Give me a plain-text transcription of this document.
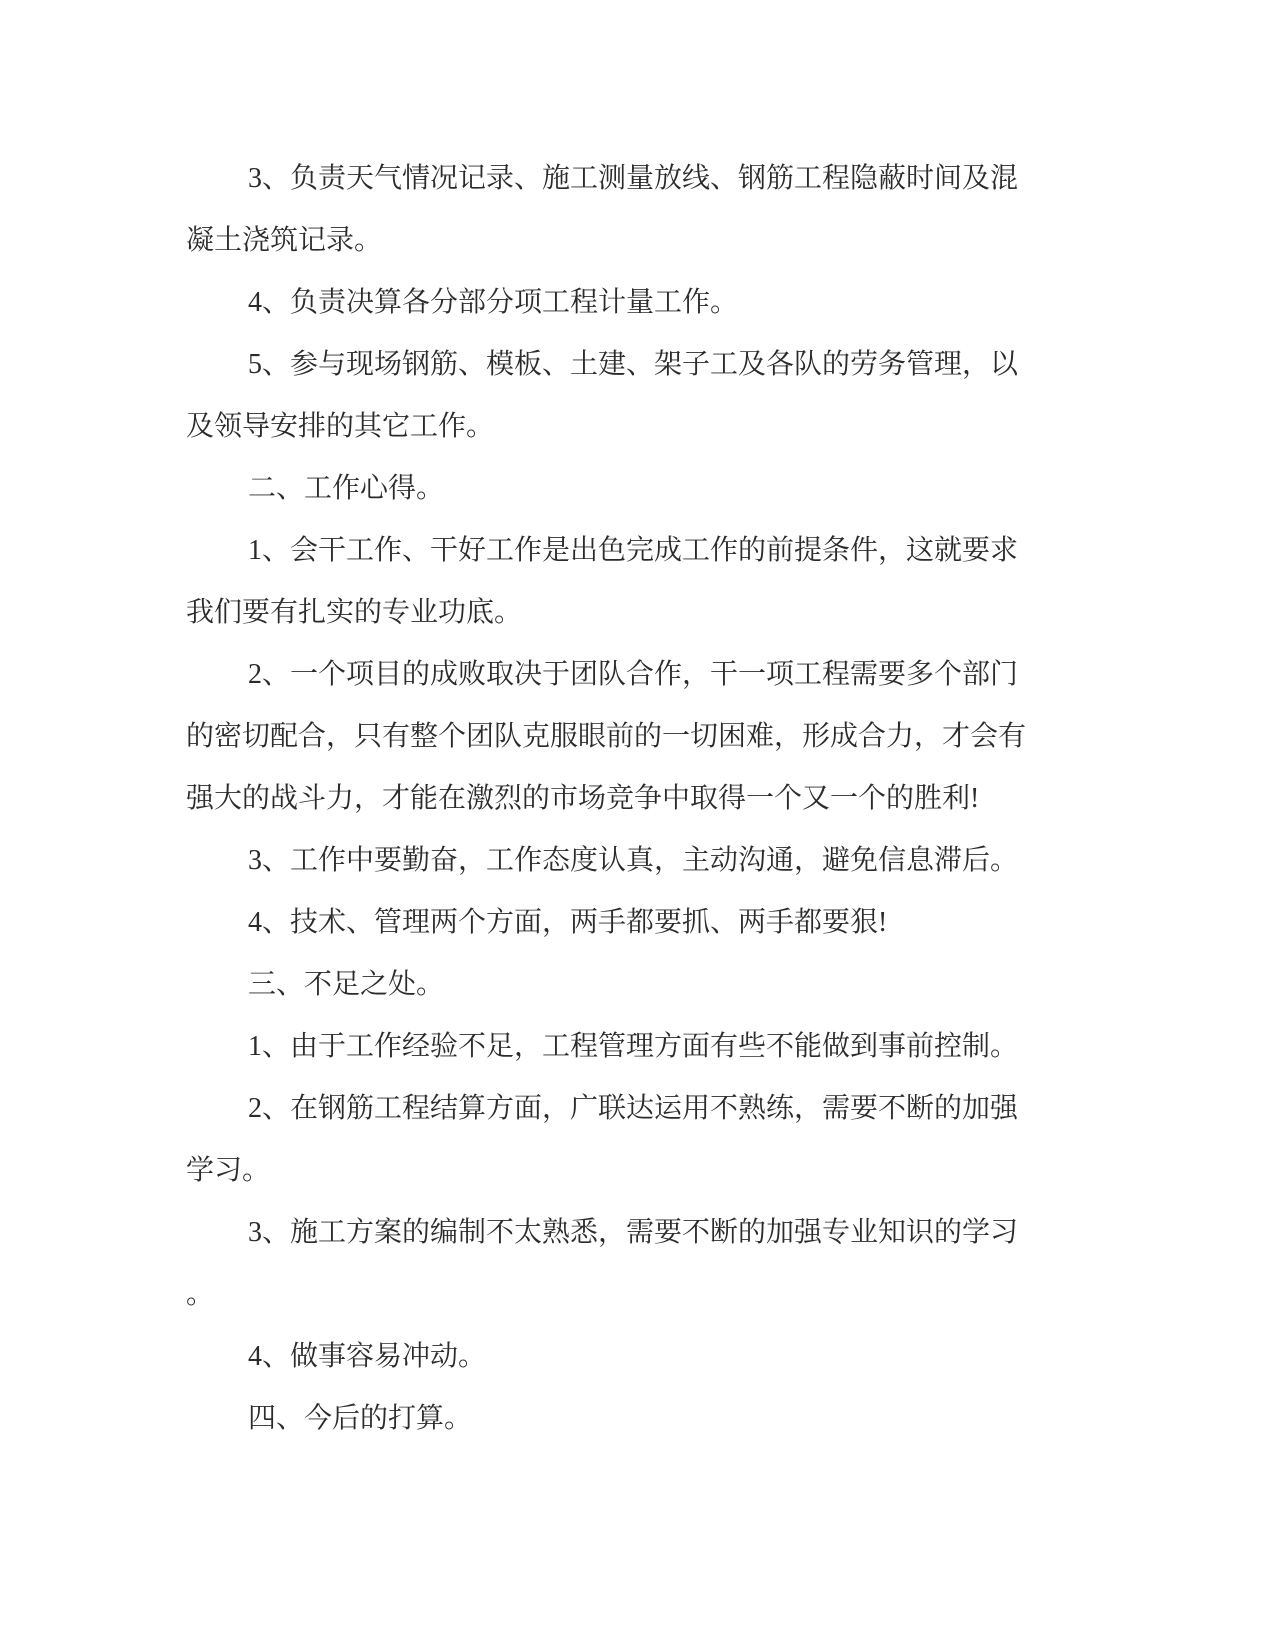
3、负责天气情况记录、施工测量放线、钢筋工程隐蔽时间及混
凝土浇筑记录。
4、负责决算各分部分项工程计量工作。
5、参与现场钢筋、模板、土建、架子工及各队的劳务管理，以
及领导安排的其它工作。
二、工作心得。
1、会干工作、干好工作是出色完成工作的前提条件，这就要求
我们要有扎实的专业功底。
2、一个项目的成败取决于团队合作，干一项工程需要多个部门
的密切配合，只有整个团队克服眼前的一切困难，形成合力，才会有
强大的战斗力，才能在激烈的市场竞争中取得一个又一个的胜利!
3、工作中要勤奋，工作态度认真，主动沟通，避免信息滞后。
4、技术、管理两个方面，两手都要抓、两手都要狠!
三、不足之处。
1、由于工作经验不足，工程管理方面有些不能做到事前控制。
2、在钢筋工程结算方面，广联达运用不熟练，需要不断的加强
学习。
3、施工方案的编制不太熟悉，需要不断的加强专业知识的学习
。
4、做事容易冲动。
四、今后的打算。
